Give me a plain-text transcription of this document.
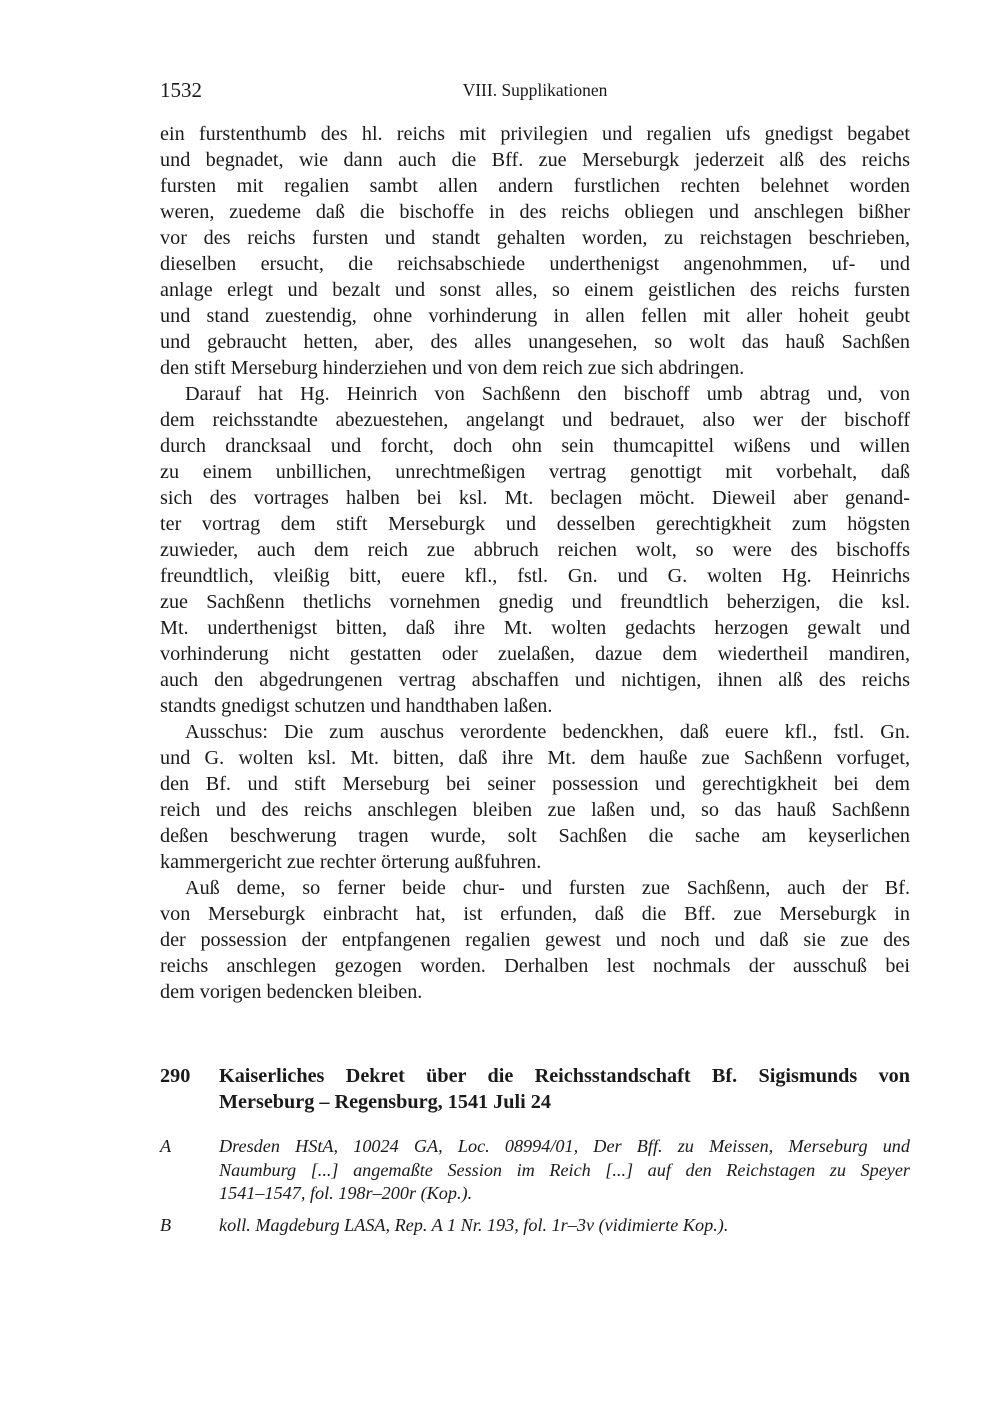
1532	VIII. Supplikationen

ein furstenthumb des hl. reichs mit privilegien und regalien ufs gnedigst begabet
und begnadet, wie dann auch die Bff. zue Merseburgk jederzeit alß des reichs
fursten mit regalien sambt allen andern furstlichen rechten belehnet worden
weren, zuedeme daß die bischoffe in des reichs obliegen und anschlegen bißher
vor des reichs fursten und standt gehalten worden, zu reichstagen beschrieben,
dieselben ersucht, die reichsabschiede underthenigst angenohmmen, uf- und
anlage erlegt und bezalt und sonst alles, so einem geistlichen des reichs fursten
und stand zuestendig, ohne vorhinderung in allen fellen mit aller hoheit geubt
und gebraucht hetten, aber, des alles unangesehen, so wolt das hauß Sachßen
den stift Merseburg hinderziehen und von dem reich zue sich abdringen.

Darauf hat Hg. Heinrich von Sachßenn den bischoff umb abtrag und, von
dem reichsstandte abezuestehen, angelangt und bedrauet, also wer der bischoff
durch drancksaal und forcht, doch ohn sein thumcapittel wißens und willen
zu einem unbillichen, unrechtmeßigen vertrag genottigt mit vorbehalt, daß
sich des vortrages halben bei ksl. Mt. beclagen möcht. Dieweil aber genand-
ter vortrag dem stift Merseburgk und desselben gerechtigkheit zum högsten
zuwieder, auch dem reich zue abbruch reichen wolt, so were des bischoffs
freundtlich, vleißig bitt, euere kfl., fstl. Gn. und G. wolten Hg. Heinrichs
zue Sachßenn thetlichs vornehmen gnedig und freundtlich beherzigen, die ksl.
Mt. underthenigst bitten, daß ihre Mt. wolten gedachts herzogen gewalt und
vorhinderung nicht gestatten oder zuelaßen, dazue dem wiedertheil mandiren,
auch den abgedrungenen vertrag abschaffen und nichtigen, ihnen alß des reichs
standts gnedigst schutzen und handthaben laßen.

Ausschus: Die zum auschus verordente bedenckhen, daß euere kfl., fstl. Gn.
und G. wolten ksl. Mt. bitten, daß ihre Mt. dem hauße zue Sachßenn vorfuget,
den Bf. und stift Merseburg bei seiner possession und gerechtigkheit bei dem
reich und des reichs anschlegen bleiben zue laßen und, so das hauß Sachßenn
deßen beschwerung tragen wurde, solt Sachßen die sache am keyserlichen
kammergericht zue rechter örterung außfuhren.

Auß deme, so ferner beide chur- und fursten zue Sachßenn, auch der Bf.
von Merseburgk einbracht hat, ist erfunden, daß die Bff. zue Merseburgk in
der possession der entpfangenen regalien gewest und noch und daß sie zue des
reichs anschlegen gezogen worden. Derhalben lest nochmals der ausschuß bei
dem vorigen bedencken bleiben.

290 Kaiserliches Dekret über die Reichsstandschaft Bf. Sigismunds von
Merseburg – Regensburg, 1541 Juli 24
A	Dresden HStA, 10024 GA, Loc. 08994/01, Der Bff. zu Meissen, Merseburg und
Naumburg [...] angemaßte Session im Reich [...] auf den Reichstagen zu Speyer
1541–1547, fol. 198r–200r (Kop.).
B	koll. Magdeburg LASA, Rep. A 1 Nr. 193, fol. 1r–3v (vidimierte Kop.).
